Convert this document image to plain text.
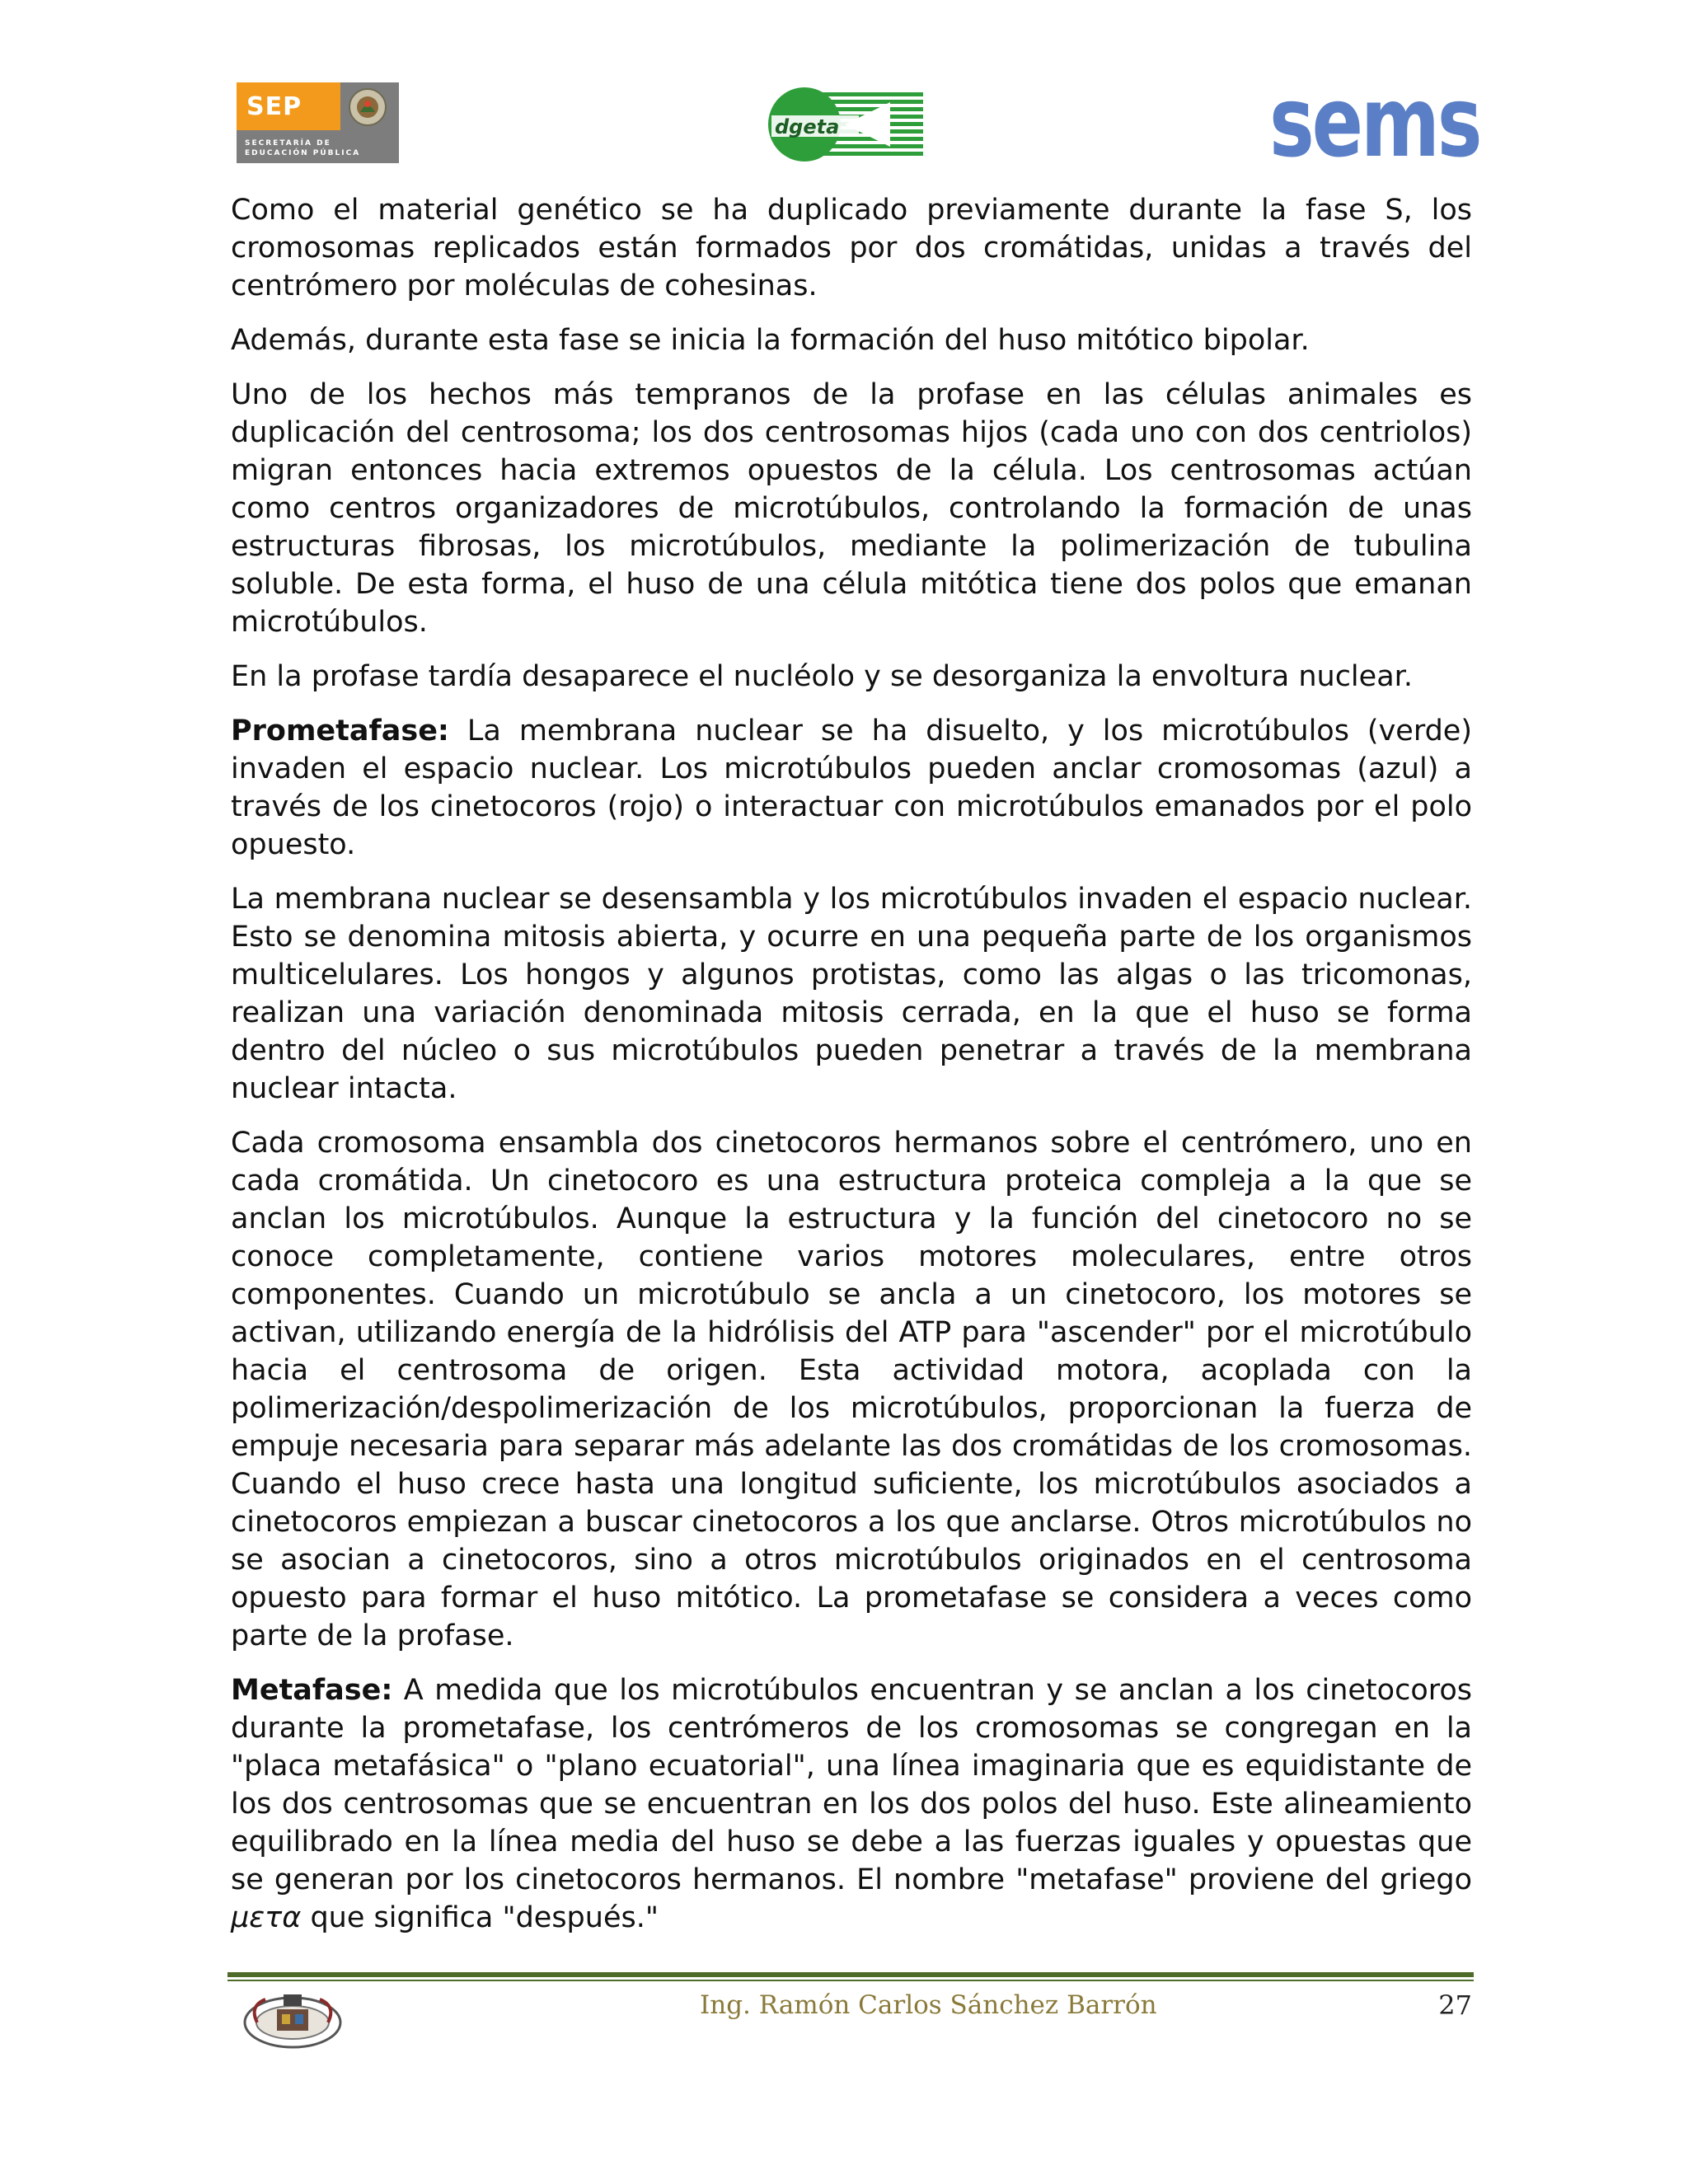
SEP
SECRETARÍA DE
EDUCACIÓN PÚBLICA
dgeta	sems

Como el material genético se ha duplicado previamente durante la fase S, los cromosomas replicados están formados por dos cromátidas, unidas a través del centrómero por moléculas de cohesinas.

Además, durante esta fase se inicia la formación del huso mitótico bipolar.

Uno de los hechos más tempranos de la profase en las células animales es duplicación del centrosoma; los dos centrosomas hijos (cada uno con dos centriolos) migran entonces hacia extremos opuestos de la célula. Los centrosomas actúan como centros organizadores de microtúbulos, controlando la formación de unas estructuras fibrosas, los microtúbulos, mediante la polimerización de tubulina soluble. De esta forma, el huso de una célula mitótica tiene dos polos que emanan microtúbulos.

En la profase tardía desaparece el nucléolo y se desorganiza la envoltura nuclear.

Prometafase: La membrana nuclear se ha disuelto, y los microtúbulos (verde) invaden el espacio nuclear. Los microtúbulos pueden anclar cromosomas (azul) a través de los cinetocoros (rojo) o interactuar con microtúbulos emanados por el polo opuesto.

La membrana nuclear se desensambla y los microtúbulos invaden el espacio nuclear. Esto se denomina mitosis abierta, y ocurre en una pequeña parte de los organismos multicelulares. Los hongos y algunos protistas, como las algas o las tricomonas, realizan una variación denominada mitosis cerrada, en la que el huso se forma dentro del núcleo o sus microtúbulos pueden penetrar a través de la membrana nuclear intacta.

Cada cromosoma ensambla dos cinetocoros hermanos sobre el centrómero, uno en cada cromátida. Un cinetocoro es una estructura proteica compleja a la que se anclan los microtúbulos. Aunque la estructura y la función del cinetocoro no se conoce completamente, contiene varios motores moleculares, entre otros componentes. Cuando un microtúbulo se ancla a un cinetocoro, los motores se activan, utilizando energía de la hidrólisis del ATP para "ascender" por el microtúbulo hacia el centrosoma de origen. Esta actividad motora, acoplada con la polimerización/despolimerización de los microtúbulos, proporcionan la fuerza de empuje necesaria para separar más adelante las dos cromátidas de los cromosomas. Cuando el huso crece hasta una longitud suficiente, los microtúbulos asociados a cinetocoros empiezan a buscar cinetocoros a los que anclarse. Otros microtúbulos no se asocian a cinetocoros, sino a otros microtúbulos originados en el centrosoma opuesto para formar el huso mitótico. La prometafase se considera a veces como parte de la profase.

Metafase: A medida que los microtúbulos encuentran y se anclan a los cinetocoros durante la prometafase, los centrómeros de los cromosomas se congregan en la "placa metafásica" o "plano ecuatorial", una línea imaginaria que es equidistante de los dos centrosomas que se encuentran en los dos polos del huso. Este alineamiento equilibrado en la línea media del huso se debe a las fuerzas iguales y opuestas que se generan por los cinetocoros hermanos. El nombre "metafase" proviene del griego μετα que significa "después."

Ing. Ramón Carlos Sánchez Barrón	27
